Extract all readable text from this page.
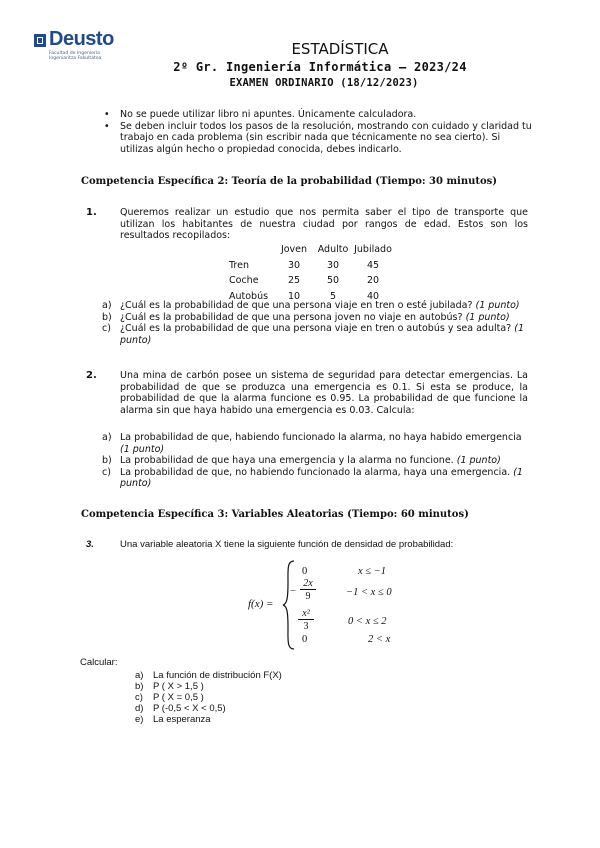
Deusto
Facultad de Ingeniería Ingeniaritza Fakultatea
ESTADÍSTICA
2º Gr. Ingeniería Informática – 2023/24
EXAMEN ORDINARIO (18/12/2023)
• No se puede utilizar libro ni apuntes. Únicamente calculadora.
• Se deben incluir todos los pasos de la resolución, mostrando con cuidado y claridad tu trabajo en cada problema (sin escribir nada que técnicamente no sea cierto). Si utilizas algún hecho o propiedad conocida, debes indicarlo.
Competencia Específica 2: Teoría de la probabilidad (Tiempo: 30 minutos)
1. Queremos realizar un estudio que nos permita saber el tipo de transporte que utilizan los habitantes de nuestra ciudad por rangos de edad. Estos son los resultados recopilados:
	Joven	Adulto	Jubilado
Tren	30	30	45
Coche	25	50	20
Autobús	10	5	40
a) ¿Cuál es la probabilidad de que una persona viaje en tren o esté jubilada? (1 punto)
b) ¿Cuál es la probabilidad de que una persona joven no viaje en autobús? (1 punto)
c) ¿Cuál es la probabilidad de que una persona viaje en tren o autobús y sea adulta? (1 punto)
2. Una mina de carbón posee un sistema de seguridad para detectar emergencias. La probabilidad de que se produzca una emergencia es 0.1. Si esta se produce, la probabilidad de que la alarma funcione es 0.95. La probabilidad de que funcione la alarma sin que haya habido una emergencia es 0.03. Calcula:
a) La probabilidad de que, habiendo funcionado la alarma, no haya habido emergencia (1 punto)
b) La probabilidad de que haya una emergencia y la alarma no funcione. (1 punto)
c) La probabilidad de que, no habiendo funcionado la alarma, haya una emergencia. (1 punto)
Competencia Específica 3: Variables Aleatorias (Tiempo: 60 minutos)
3.	Una variable aleatoria X tiene la siguiente función de densidad de probabilidad:
f(x) =
0	x ≤ −1
−
2x
9	−1 < x ≤ 0
x²
3	0 < x ≤ 2
0	2 < x
Calcular:
a) La función de distribución F(X)
b) P ( X > 1,5 )
c) P ( X = 0,5 )
d) P (-0,5 < X < 0,5)
e) La esperanza
